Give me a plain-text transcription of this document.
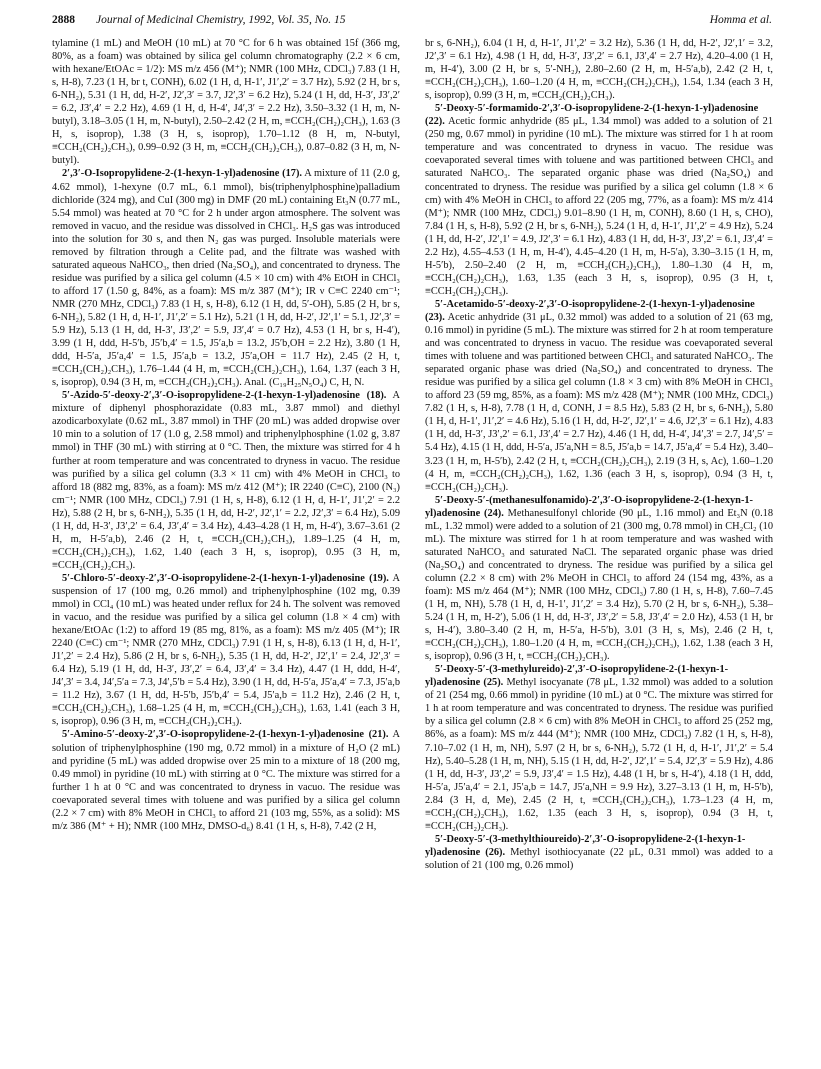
2888 Journal of Medicinal Chemistry, 1992, Vol. 35, No. 15	Homma et al.

tylamine (1 mL) and MeOH (10 mL) at 70 °C for 6 h was obtained 15f (366 mg, 80%, as a foam) was obtained by silica gel column chromatography (2.2 × 6 cm, with hexane/EtOAc = 1/2): MS m/z 456 (M⁺); NMR (100 MHz, CDCl₃) 7.83 (1 H, s, H-8), 7.23 (1 H, br t, CONH), 6.02 (1 H, d, H-1′, J1′,2′ = 3.7 Hz), 5.92 (2 H, br s, 6-NH₂), 5.31 (1 H, dd, H-2′, J2′,3′ = 3.7, J2′,3′ = 6.2 Hz), 5.24 (1 H, dd, H-3′, J3′,2′ = 6.2, J3′,4′ = 2.2 Hz), 4.69 (1 H, d, H-4′, J4′,3′ = 2.2 Hz), 3.50–3.32 (1 H, m, N-butyl), 3.18–3.05 (1 H, m, N-butyl), 2.50–2.42 (2 H, m, ≡CCH₂(CH₂)₂CH₃), 1.63 (3 H, s, isoprop), 1.38 (3 H, s, isoprop), 1.70–1.12 (8 H, m, N-butyl, ≡CCH₂(CH₂)₂CH₃), 0.99–0.92 (3 H, m, ≡CCH₂(CH₂)₂CH₃), 0.87–0.82 (3 H, m, N-butyl).

2′,3′-O-Isopropylidene-2-(1-hexyn-1-yl)adenosine (17). A mixture of 11 (2.0 g, 4.62 mmol), 1-hexyne (0.7 mL, 6.1 mmol), bis(triphenylphosphine)palladium dichloride (324 mg), and CuI (300 mg) in DMF (20 mL) containing Et₃N (0.77 mL, 5.54 mmol) was heated at 70 °C for 2 h under argon atmosphere. The solvent was removed in vacuo, and the residue was dissolved in CHCl₃. H₂S gas was introduced into the solution for 30 s, and then N₂ gas was purged. Insoluble materials were removed by filtration through a Celite pad, and the filtrate was washed with saturated aqueous NaHCO₃, then dried (Na₂SO₄), and concentrated to dryness. The residue was purified by a silica gel column (4.5 × 10 cm) with 4% EtOH in CHCl₃ to afford 17 (1.50 g, 84%, as a foam): MS m/z 387 (M⁺); IR ν C≡C 2240 cm⁻¹; NMR (270 MHz, CDCl₃) 7.83 (1 H, s, H-8), 6.12 (1 H, dd, 5′-OH), 5.85 (2 H, br s, 6-NH₂), 5.82 (1 H, d, H-1′, J1′,2′ = 5.1 Hz), 5.21 (1 H, dd, H-2′, J2′,1′ = 5.1, J2′,3′ = 5.9 Hz), 5.13 (1 H, dd, H-3′, J3′,2′ = 5.9, J3′,4′ = 0.7 Hz), 4.53 (1 H, br s, H-4′), 3.99 (1 H, ddd, H-5′b, J5′b,4′ = 1.5, J5′a,b = 13.2, J5′b,OH = 2.2 Hz), 3.80 (1 H, ddd, H-5′a, J5′a,4′ = 1.5, J5′a,b = 13.2, J5′a,OH = 11.7 Hz), 2.45 (2 H, t, ≡CCH₂(CH₂)₂CH₃), 1.76–1.44 (4 H, m, ≡CCH₂(CH₂)₂CH₃), 1.64, 1.37 (each 3 H, s, isoprop), 0.94 (3 H, m, ≡CCH₂(CH₂)₂CH₃). Anal. (C₁₉H₂₅N₅O₄) C, H, N.

5′-Azido-5′-deoxy-2′,3′-O-isopropylidene-2-(1-hexyn-1-yl)adenosine (18). A mixture of diphenyl phosphorazidate (0.83 mL, 3.87 mmol) and diethyl azodicarboxylate (0.62 mL, 3.87 mmol) in THF (20 mL) was added dropwise over 10 min to a solution of 17 (1.0 g, 2.58 mmol) and triphenylphosphine (1.02 g, 3.87 mmol) in THF (30 mL) with stirring at 0 °C. Then, the mixture was stirred for 4 h further at room temperature and was concentrated to dryness in vacuo. The residue was purified by a silica gel column (3.3 × 11 cm) with 4% MeOH in CHCl₃ to afford 18 (882 mg, 83%, as a foam): MS m/z 412 (M⁺); IR 2240 (C≡C), 2100 (N₃) cm⁻¹; NMR (100 MHz, CDCl₃) 7.91 (1 H, s, H-8), 6.12 (1 H, d, H-1′, J1′,2′ = 2.2 Hz), 5.88 (2 H, br s, 6-NH₂), 5.35 (1 H, dd, H-2′, J2′,1′ = 2.2, J2′,3′ = 6.4 Hz), 5.09 (1 H, dd, H-3′, J3′,2′ = 6.4, J3′,4′ = 3.4 Hz), 4.43–4.28 (1 H, m, H-4′), 3.67–3.61 (2 H, m, H-5′a,b), 2.46 (2 H, t, ≡CCH₂(CH₂)₂CH₃), 1.89–1.25 (4 H, m, ≡CCH₂(CH₂)₂CH₃), 1.62, 1.40 (each 3 H, s, isoprop), 0.95 (3 H, m, ≡CCH₂(CH₂)₂CH₃).

5′-Chloro-5′-deoxy-2′,3′-O-isopropylidene-2-(1-hexyn-1-yl)adenosine (19). A suspension of 17 (100 mg, 0.26 mmol) and triphenylphosphine (102 mg, 0.39 mmol) in CCl₄ (10 mL) was heated under reflux for 24 h. The solvent was removed in vacuo, and the residue was purified by a silica gel column (1.8 × 4 cm) with hexane/EtOAc (1:2) to afford 19 (85 mg, 81%, as a foam): MS m/z 405 (M⁺); IR 2240 (C≡C) cm⁻¹; NMR (270 MHz, CDCl₃) 7.91 (1 H, s, H-8), 6.13 (1 H, d, H-1′, J1′,2′ = 2.4 Hz), 5.86 (2 H, br s, 6-NH₂), 5.35 (1 H, dd, H-2′, J2′,1′ = 2.4, J2′,3′ = 6.4 Hz), 5.19 (1 H, dd, H-3′, J3′,2′ = 6.4, J3′,4′ = 3.4 Hz), 4.47 (1 H, ddd, H-4′, J4′,3′ = 3.4, J4′,5′a = 7.3, J4′,5′b = 5.4 Hz), 3.90 (1 H, dd, H-5′a, J5′a,4′ = 7.3, J5′a,b = 11.2 Hz), 3.67 (1 H, dd, H-5′b, J5′b,4′ = 5.4, J5′a,b = 11.2 Hz), 2.46 (2 H, t, ≡CCH₂(CH₂)₂CH₃), 1.68–1.25 (4 H, m, ≡CCH₂(CH₂)₂CH₃), 1.63, 1.41 (each 3 H, s, isoprop), 0.96 (3 H, m, ≡CCH₂(CH₂)₂CH₃).

5′-Amino-5′-deoxy-2′,3′-O-isopropylidene-2-(1-hexyn-1-yl)adenosine (21). A solution of triphenylphosphine (190 mg, 0.72 mmol) in a mixture of H₂O (2 mL) and pyridine (5 mL) was added dropwise over 25 min to a mixture of 18 (200 mg, 0.49 mmol) in pyridine (10 mL) with stirring at 0 °C. The mixture was stirred for a further 1 h at 0 °C and was concentrated to dryness in vacuo. The residue was coevaporated several times with toluene and was purified by a silica gel column (2.2 × 7 cm) with 8% MeOH in CHCl₃ to afford 21 (103 mg, 55%, as a solid): MS m/z 386 (M⁺ + H); NMR (100 MHz, DMSO-d₆) 8.41 (1 H, s, H-8), 7.42 (2 H,

br s, 6-NH₂), 6.04 (1 H, d, H-1′, J1′,2′ = 3.2 Hz), 5.36 (1 H, dd, H-2′, J2′,1′ = 3.2, J2′,3′ = 6.1 Hz), 4.98 (1 H, dd, H-3′, J3′,2′ = 6.1, J3′,4′ = 2.7 Hz), 4.20–4.00 (1 H, m, H-4′), 3.00 (2 H, br s, 5′-NH₂), 2.80–2.60 (2 H, m, H-5′a,b), 2.42 (2 H, t, ≡CCH₂(CH₂)₂CH₃), 1.60–1.20 (4 H, m, ≡CCH₂(CH₂)₂CH₃), 1.54, 1.34 (each 3 H, s, isoprop), 0.99 (3 H, m, ≡CCH₂(CH₂)₂CH₃).

5′-Deoxy-5′-formamido-2′,3′-O-isopropylidene-2-(1-hexyn-1-yl)adenosine (22). Acetic formic anhydride (85 μL, 1.34 mmol) was added to a solution of 21 (250 mg, 0.67 mmol) in pyridine (10 mL). The mixture was stirred for 1 h at room temperature and was concentrated to dryness in vacuo. The residue was coevaporated several times with toluene and was partitioned between CHCl₃ and saturated NaHCO₃. The separated organic phase was dried (Na₂SO₄) and concentrated to dryness. The residue was purified by a silica gel column (1.8 × 6 cm) with 4% MeOH in CHCl₃ to afford 22 (205 mg, 77%, as a foam): MS m/z 414 (M⁺); NMR (100 MHz, CDCl₃) 9.01–8.90 (1 H, m, CONH), 8.60 (1 H, s, CHO), 7.84 (1 H, s, H-8), 5.92 (2 H, br s, 6-NH₂), 5.24 (1 H, d, H-1′, J1′,2′ = 4.9 Hz), 5.24 (1 H, dd, H-2′, J2′,1′ = 4.9, J2′,3′ = 6.1 Hz), 4.83 (1 H, dd, H-3′, J3′,2′ = 6.1, J3′,4′ = 2.2 Hz), 4.55–4.53 (1 H, m, H-4′), 4.45–4.20 (1 H, m, H-5′a), 3.30–3.15 (1 H, m, H-5′b), 2.50–2.40 (2 H, m, ≡CCH₂(CH₂)₂CH₃), 1.80–1.30 (4 H, m, ≡CCH₂(CH₂)₂CH₃), 1.63, 1.35 (each 3 H, s, isoprop), 0.95 (3 H, t, ≡CCH₂(CH₂)₂CH₃).

5′-Acetamido-5′-deoxy-2′,3′-O-isopropylidene-2-(1-hexyn-1-yl)adenosine (23). Acetic anhydride (31 μL, 0.32 mmol) was added to a solution of 21 (63 mg, 0.16 mmol) in pyridine (5 mL). The mixture was stirred for 2 h at room temperature and was concentrated to dryness in vacuo. The residue was coevaporated several times with toluene and was partitioned between CHCl₃ and saturated NaHCO₃. The separated organic phase was dried (Na₂SO₄) and concentrated to dryness. The residue was purified by a silica gel column (1.8 × 3 cm) with 8% MeOH in CHCl₃ to afford 23 (59 mg, 85%, as a foam): MS m/z 428 (M⁺); NMR (100 MHz, CDCl₃) 7.82 (1 H, s, H-8), 7.78 (1 H, d, CONH, J = 8.5 Hz), 5.83 (2 H, br s, 6-NH₂), 5.80 (1 H, d, H-1′, J1′,2′ = 4.6 Hz), 5.16 (1 H, dd, H-2′, J2′,1′ = 4.6, J2′,3′ = 6.1 Hz), 4.83 (1 H, dd, H-3′, J3′,2′ = 6.1, J3′,4′ = 2.7 Hz), 4.46 (1 H, dd, H-4′, J4′,3′ = 2.7, J4′,5′ = 5.4 Hz), 4.15 (1 H, ddd, H-5′a, J5′a,NH = 8.5, J5′a,b = 14.7, J5′a,4′ = 5.4 Hz), 3.40–3.23 (1 H, m, H-5′b), 2.42 (2 H, t, ≡CCH₂(CH₂)₂CH₃), 2.19 (3 H, s, Ac), 1.60–1.20 (4 H, m, ≡CCH₂(CH₂)₂CH₃), 1.62, 1.36 (each 3 H, s, isoprop), 0.94 (3 H, t, ≡CCH₂(CH₂)₂CH₃).

5′-Deoxy-5′-(methanesulfonamido)-2′,3′-O-isopropylidene-2-(1-hexyn-1-yl)adenosine (24). Methanesulfonyl chloride (90 μL, 1.16 mmol) and Et₃N (0.18 mL, 1.32 mmol) were added to a solution of 21 (300 mg, 0.78 mmol) in CH₂Cl₂ (10 mL). The mixture was stirred for 1 h at room temperature and was washed with saturated NaHCO₃ and saturated NaCl. The separated organic phase was dried (Na₂SO₄) and concentrated to dryness. The residue was purified by a silica gel column (2.2 × 8 cm) with 2% MeOH in CHCl₃ to afford 24 (154 mg, 43%, as a foam): MS m/z 464 (M⁺); NMR (100 MHz, CDCl₃) 7.80 (1 H, s, H-8), 7.60–7.45 (1 H, m, NH), 5.78 (1 H, d, H-1′, J1′,2′ = 3.4 Hz), 5.70 (2 H, br s, 6-NH₂), 5.38–5.24 (1 H, m, H-2′), 5.06 (1 H, dd, H-3′, J3′,2′ = 5.8, J3′,4′ = 2.0 Hz), 4.53 (1 H, br s, H-4′), 3.80–3.40 (2 H, m, H-5′a, H-5′b), 3.01 (3 H, s, Ms), 2.46 (2 H, t, ≡CCH₂(CH₂)₂CH₃), 1.80–1.20 (4 H, m, ≡CCH₂(CH₂)₂CH₃), 1.62, 1.38 (each 3 H, s, isoprop), 0.96 (3 H, t, ≡CCH₂(CH₂)₂CH₃).

5′-Deoxy-5′-(3-methylureido)-2′,3′-O-isopropylidene-2-(1-hexyn-1-yl)adenosine (25). Methyl isocyanate (78 μL, 1.32 mmol) was added to a solution of 21 (254 mg, 0.66 mmol) in pyridine (10 mL) at 0 °C. The mixture was stirred for 1 h at room temperature and was concentrated to dryness. The residue was purified by a silica gel column (2.8 × 6 cm) with 8% MeOH in CHCl₃ to afford 25 (252 mg, 86%, as a foam): MS m/z 444 (M⁺); NMR (100 MHz, CDCl₃) 7.82 (1 H, s, H-8), 7.10–7.02 (1 H, m, NH), 5.97 (2 H, br s, 6-NH₂), 5.72 (1 H, d, H-1′, J1′,2′ = 5.4 Hz), 5.40–5.28 (1 H, m, NH), 5.15 (1 H, dd, H-2′, J2′,1′ = 5.4, J2′,3′ = 5.9 Hz), 4.86 (1 H, dd, H-3′, J3′,2′ = 5.9, J3′,4′ = 1.5 Hz), 4.48 (1 H, br s, H-4′), 4.18 (1 H, ddd, H-5′a, J5′a,4′ = 2.1, J5′a,b = 14.7, J5′a,NH = 9.9 Hz), 3.27–3.13 (1 H, m, H-5′b), 2.84 (3 H, d, Me), 2.45 (2 H, t, ≡CCH₂(CH₂)₂CH₃), 1.73–1.23 (4 H, m, ≡CCH₂(CH₂)₂CH₃), 1.62, 1.35 (each 3 H, s, isoprop), 0.94 (3 H, t, ≡CCH₂(CH₂)₂CH₃).

5′-Deoxy-5′-(3-methylthioureido)-2′,3′-O-isopropylidene-2-(1-hexyn-1-yl)adenosine (26). Methyl isothiocyanate (22 μL, 0.31 mmol) was added to a solution of 21 (100 mg, 0.26 mmol)
